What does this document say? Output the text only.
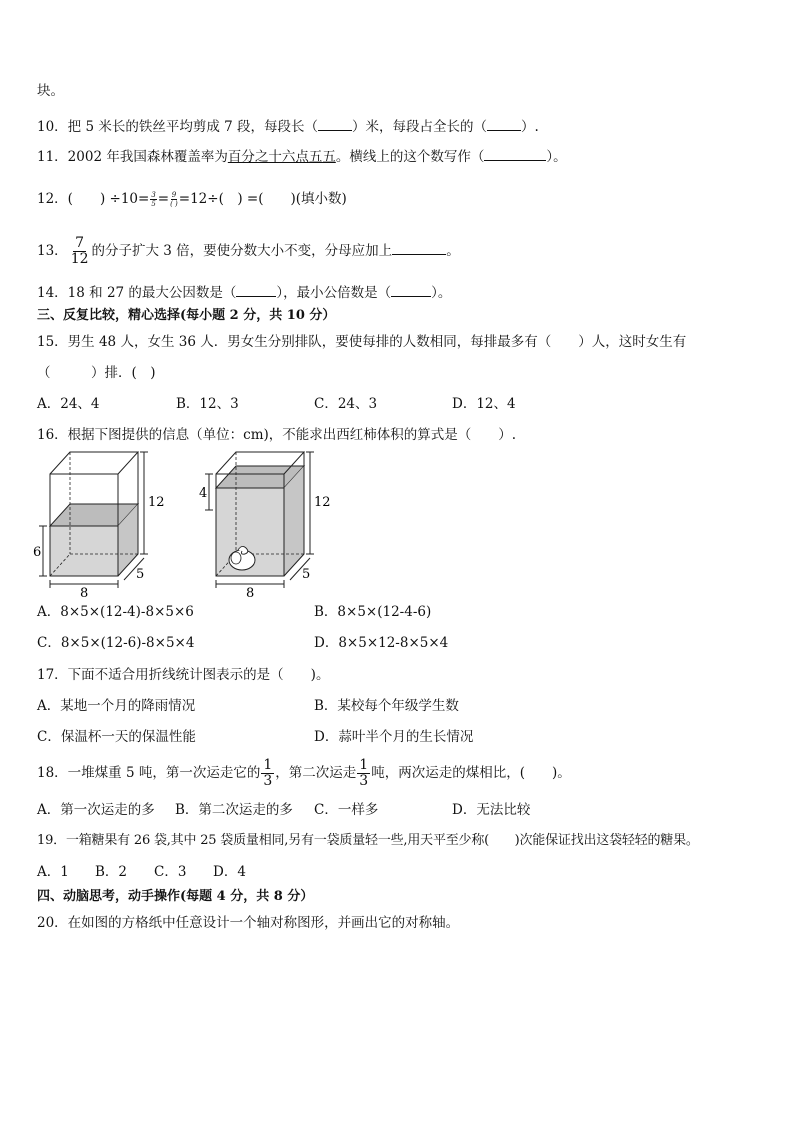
块。
10．把 5 米长的铁丝平均剪成 7 段，每段长（	）米，每段占全长的（	）.
11．2002 年我国森林覆盖率为百分之十六点五五。横线上的这个数写作（	）。
12．(　　) $\div 10= \frac{3}{5} = \frac{9}{( )} =12\div$(　) =(　　)(填小数)
13． $\frac{7}{12}$ 的分子扩大 3 倍，要使分数大小不变，分母应加上	。
14．18 和 27 的最大公因数是（	），最小公倍数是（	）。
三、反复比较，精心选择(每小题 2 分，共 10 分）
15．男生 48 人，女生 36 人．男女生分别排队，要使每排的人数相同，每排最多有（　　）人，这时女生有
（　　　）排．(　)
A．24、4	B．12、3	C．24、3	D．12、4
16．根据下图提供的信息（单位：cm)，不能求出西红柿体积的算式是（　　）.
12
6
8
5
4
12
8
5
A．8×5×(12-4)-8×5×6	B．8×5×(12-4-6)
C．8×5×(12-6)-8×5×4	D．8×5×12-8×5×4
17．下面不适合用折线统计图表示的是（　　)。
A．某地一个月的降雨情况	B．某校每个年级学生数
C．保温杯一天的保温性能	D．蒜叶半个月的生长情况
18．一堆煤重 5 吨，第一次运走它的 $\frac{1}{3}$ ，第二次运走 $\frac{1}{3}$ 吨，两次运走的煤相比，(　　)。
A．第一次运走的多 B．第二次运走的多 C．一样多	D．无法比较
19．一箱糖果有 26 袋,其中 25 袋质量相同,另有一袋质量轻一些,用天平至少称(　　)次能保证找出这袋轻轻的糖果。
A．1 B．2 C．3 D．4
四、动脑思考，动手操作(每题 4 分，共 8 分）
20．在如图的方格纸中任意设计一个轴对称图形，并画出它的对称轴。
